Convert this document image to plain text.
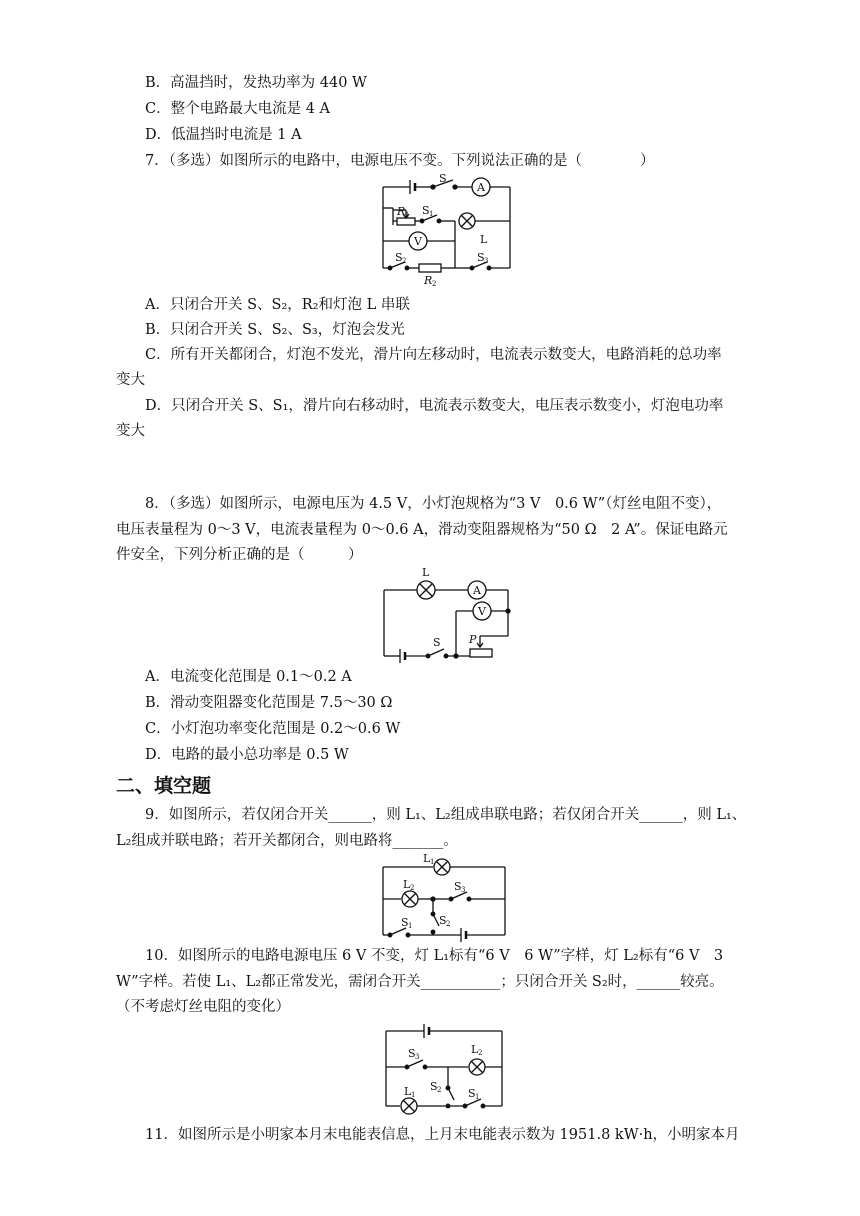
B．高温挡时，发热功率为 440 W
C．整个电路最大电流是 4 A
D．低温挡时电流是 1 A
7．（多选）如图所示的电路中，电源电压不变。下列说法正确的是（　　　　）
S
A
R 1 S 1
V	L
S 2
R 2
S 3
A．只闭合开关 S、S₂，R₂和灯泡 L 串联
B．只闭合开关 S、S₂、S₃，灯泡会发光
C．所有开关都闭合，灯泡不发光，滑片向左移动时，电流表示数变大，电路消耗的总功率
变大
D．只闭合开关 S、S₁，滑片向右移动时，电流表示数变大，电压表示数变小，灯泡电功率
变大
8．（多选）如图所示，电源电压为 4.5 V，小灯泡规格为“3 V　0.6 W”（灯丝电阻不变），
电压表量程为 0～3 V，电流表量程为 0～0.6 A，滑动变阻器规格为“50 Ω　2 A”。保证电路元
件安全，下列分析正确的是（　　　）
L
A
V
S	P
A．电流变化范围是 0.1～0.2 A
B．滑动变阻器变化范围是 7.5～30 Ω
C．小灯泡功率变化范围是 0.2～0.6 W
D．电路的最小总功率是 0.5 W
二、填空题
9．如图所示，若仅闭合开关______，则 L₁、L₂组成串联电路；若仅闭合开关______，则 L₁、
L₂组成并联电路；若开关都闭合，则电路将_______。
L 1
L 2	S 3
S 1 S 2
10．如图所示的电路电源电压 6 V 不变，灯 L₁标有“6 V　6 W”字样，灯 L₂标有“6 V　3
W”字样。若使 L₁、L₂都正常发光，需闭合开关___________；只闭合开关 S₂时，______较亮。
（不考虑灯丝电阻的变化）
S 3
L 2
L 1
S 2 S 1
11．如图所示是小明家本月末电能表信息，上月末电能表示数为 1951.8 kW·h，小明家本月
